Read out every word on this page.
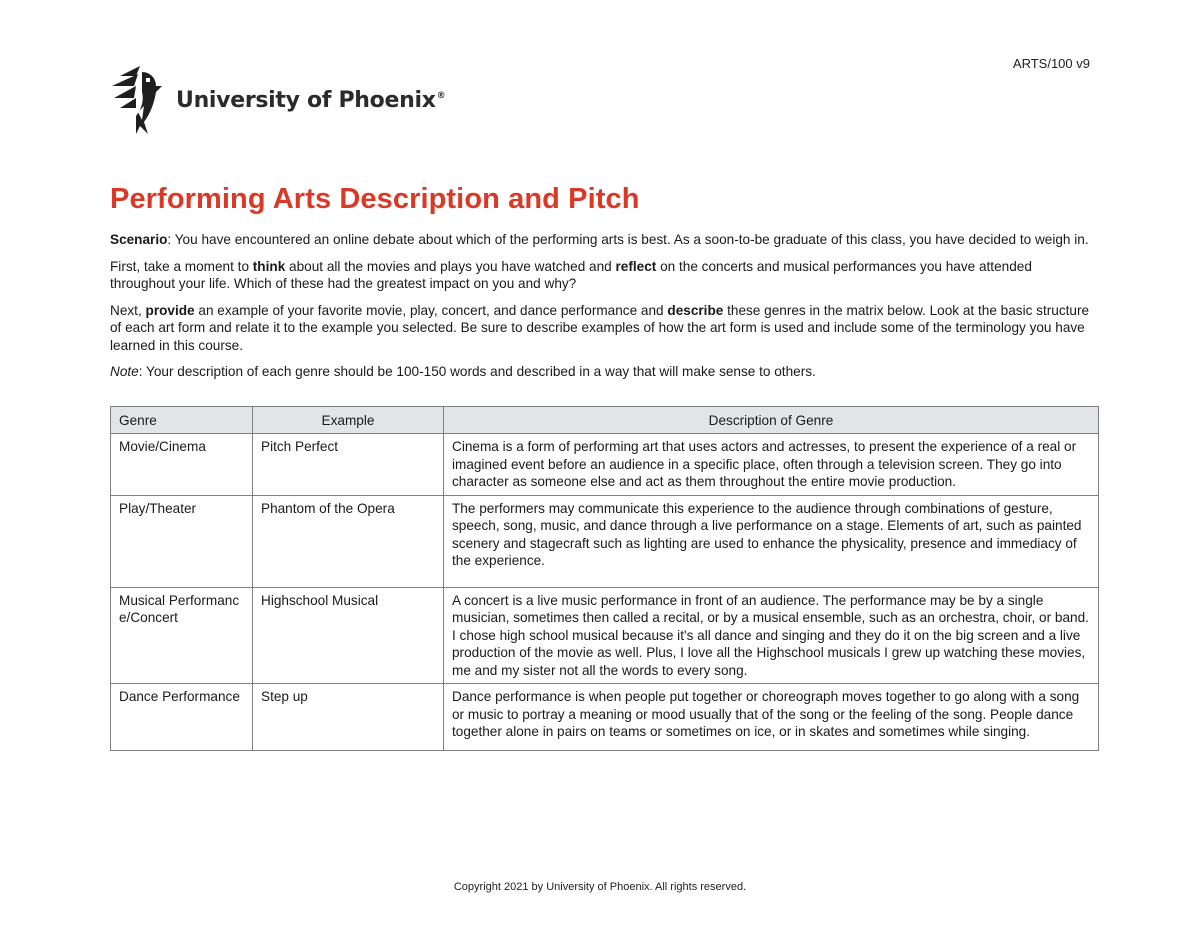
ARTS/100 v9
University of Phoenix®
Performing Arts Description and Pitch

Scenario: You have encountered an online debate about which of the performing arts is best. As a soon-to-be graduate of this class, you have decided to weigh in.

First, take a moment to think about all the movies and plays you have watched and reflect on the concerts and musical performances you have attended throughout your life. Which of these had the greatest impact on you and why?

Next, provide an example of your favorite movie, play, concert, and dance performance and describe these genres in the matrix below. Look at the basic structure of each art form and relate it to the example you selected. Be sure to describe examples of how the art form is used and include some of the terminology you have learned in this course.

Note: Your description of each genre should be 100-150 words and described in a way that will make sense to others.

Genre	Example	Description of Genre
Movie/Cinema	Pitch Perfect	Cinema is a form of performing art that uses actors and actresses, to present the experience of a real or imagined event before an audience in a specific place, often through a television screen. They go into character as someone else and act as them throughout the entire movie production.
Play/Theater	Phantom of the Opera	The performers may communicate this experience to the audience through combinations of gesture, speech, song, music, and dance through a live performance on a stage. Elements of art, such as painted scenery and stagecraft such as lighting are used to enhance the physicality, presence and immediacy of the experience.
Musical Performance/Concert	Highschool Musical	A concert is a live music performance in front of an audience. The performance may be by a single musician, sometimes then called a recital, or by a musical ensemble, such as an orchestra, choir, or band. I chose high school musical because it's all dance and singing and they do it on the big screen and a live production of the movie as well. Plus, I love all the Highschool musicals I grew up watching these movies, me and my sister not all the words to every song.
Dance Performance	Step up	Dance performance is when people put together or choreograph moves together to go along with a song or music to portray a meaning or mood usually that of the song or the feeling of the song. People dance together alone in pairs on teams or sometimes on ice, or in skates and sometimes while singing.
Copyright 2021 by University of Phoenix. All rights reserved.
